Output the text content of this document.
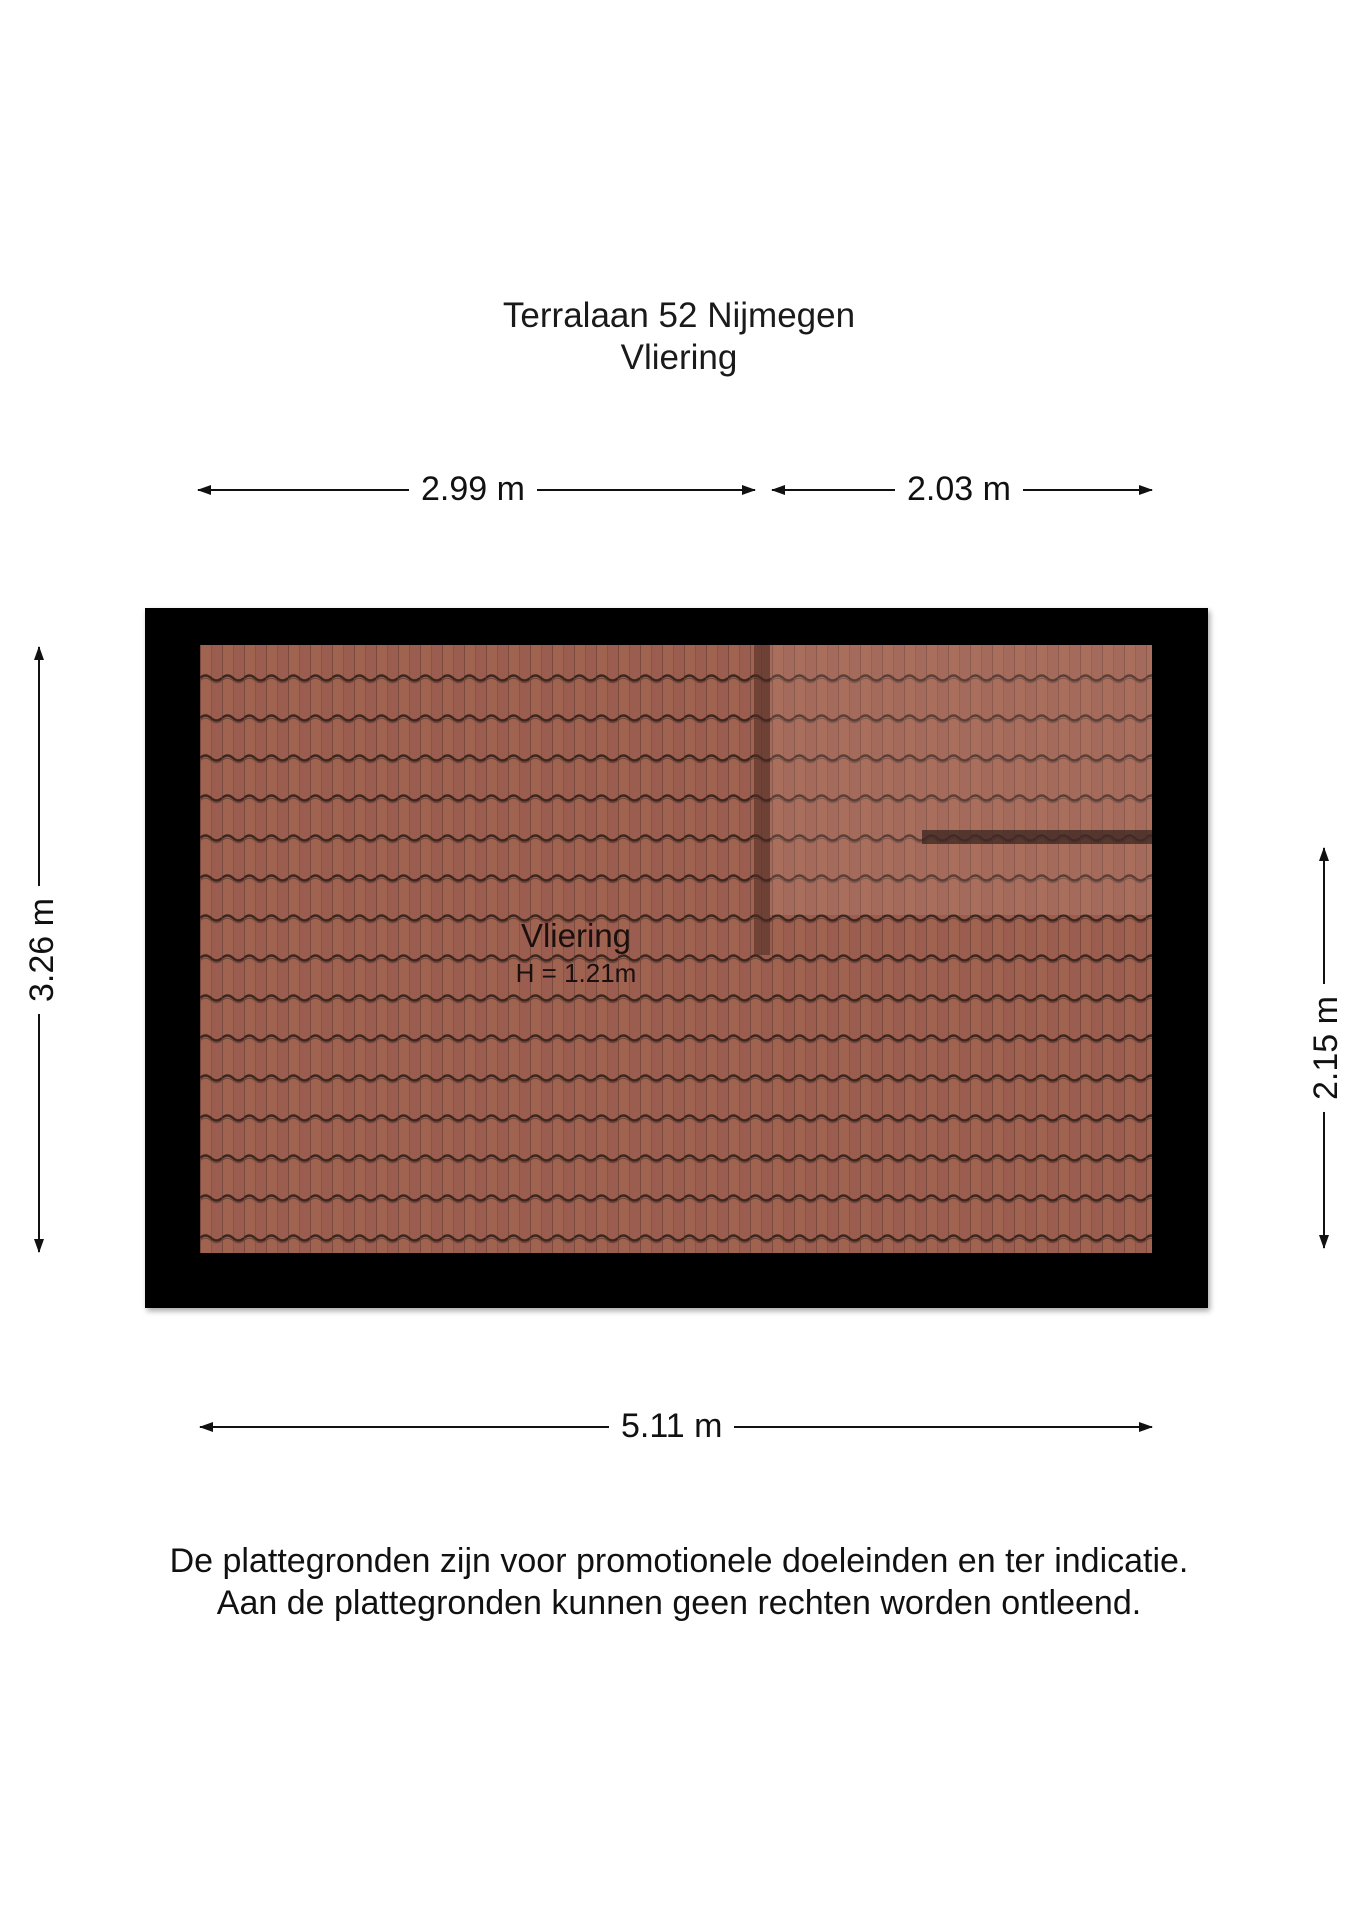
Terralaan 52 Nijmegen
Vliering
2.99 m	2.03 m
5.11 m
3.26 m
2.15 m
Vliering
H = 1.21m
De plattegronden zijn voor promotionele doeleinden en ter indicatie.
Aan de plattegronden kunnen geen rechten worden ontleend.
